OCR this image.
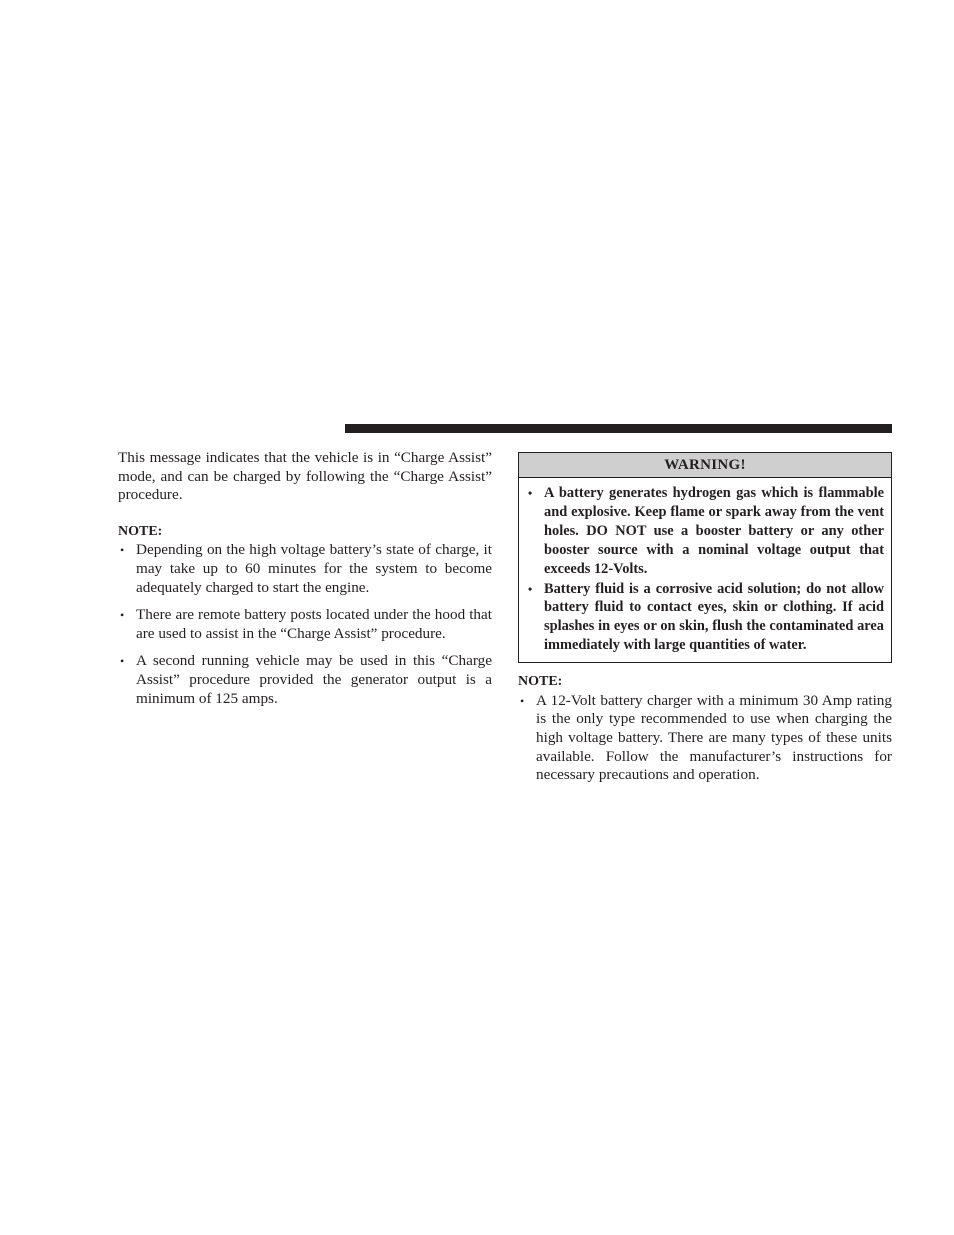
This message indicates that the vehicle is in “Charge Assist” mode, and can be charged by following the “Charge Assist” procedure.

NOTE:
• Depending on the high voltage battery’s state of charge, it may take up to 60 minutes for the system to become adequately charged to start the engine.
• There are remote battery posts located under the hood that are used to assist in the “Charge Assist” procedure.
• A second running vehicle may be used in this “Charge Assist” procedure provided the generator output is a minimum of 125 amps.
WARNING!
• A battery generates hydrogen gas which is flammable and explosive. Keep flame or spark away from the vent holes. DO NOT use a booster battery or any other booster source with a nominal voltage output that exceeds 12-Volts.
• Battery fluid is a corrosive acid solution; do not allow battery fluid to contact eyes, skin or clothing. If acid splashes in eyes or on skin, flush the contaminated area immediately with large quantities of water.
NOTE:
• A 12-Volt battery charger with a minimum 30 Amp rating is the only type recommended to use when charging the high voltage battery. There are many types of these units available. Follow the manufacturer’s instructions for necessary precautions and operation.
